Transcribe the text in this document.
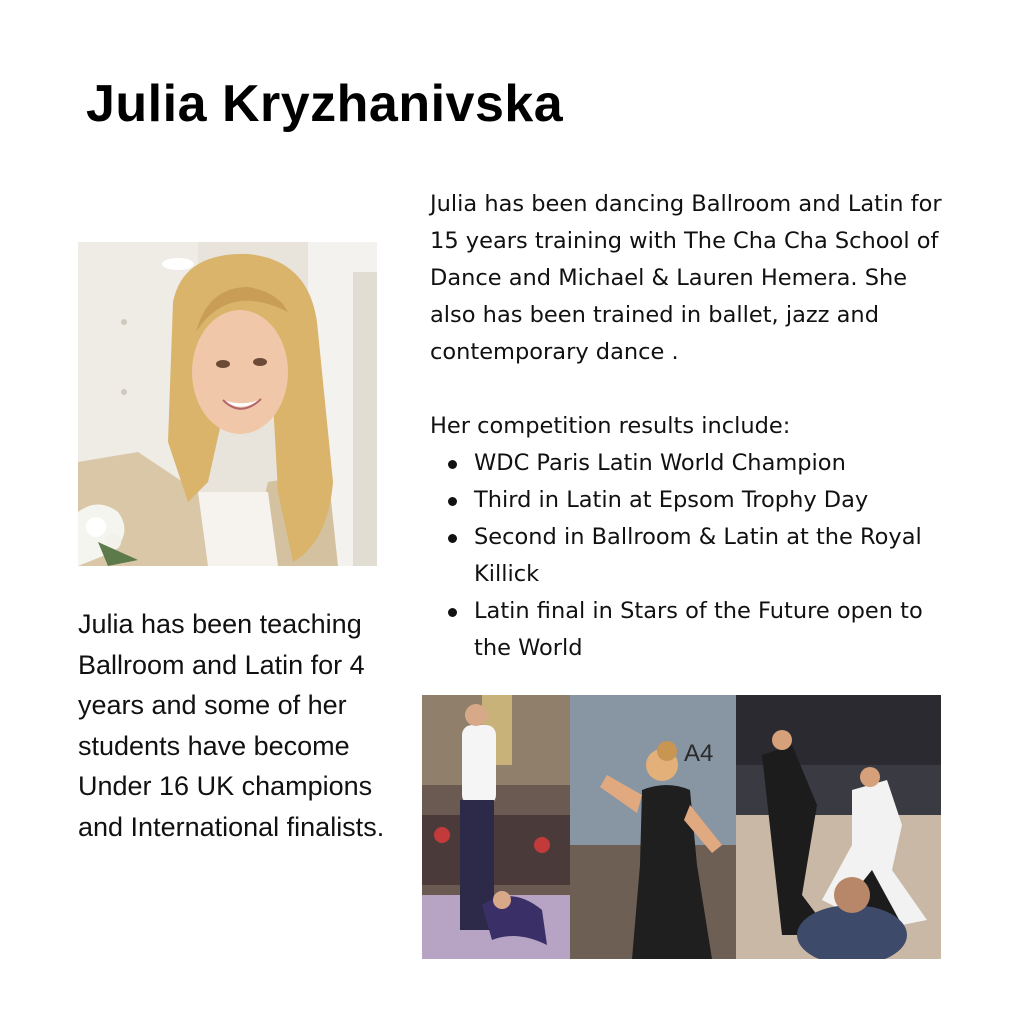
Julia Kryzhanivska

Julia has been dancing Ballroom and Latin for 15 years training with The Cha Cha School of Dance and Michael & Lauren Hemera. She also has been trained in ballet, jazz and contemporary dance .

Her competition results include:

WDC Paris Latin World Champion
Third in Latin at Epsom Trophy Day
Second in Ballroom & Latin at the Royal Killick
Latin final in Stars of the Future open to the World

Julia has been teaching Ballroom and Latin for 4 years and some of her students have become Under 16 UK champions and International finalists.

A4
